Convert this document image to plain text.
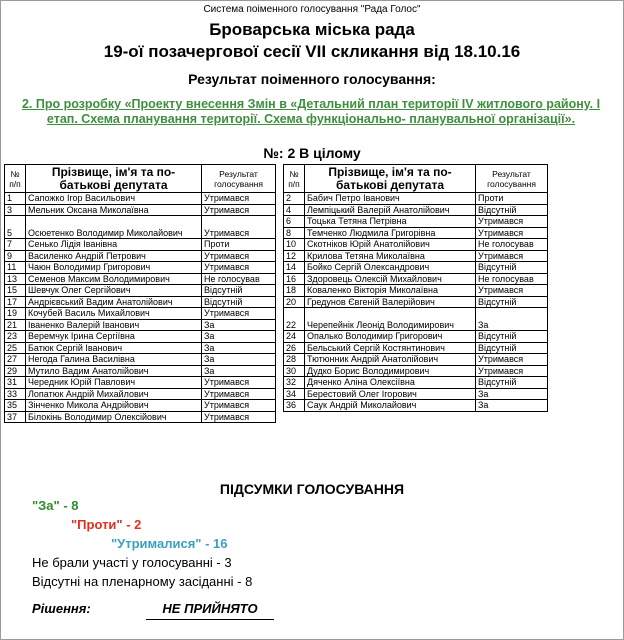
Система поіменного голосування "Рада Голос"
Броварська міська рада
19-ої позачергової сесії VII скликання від 18.10.16
Результат поіменного голосування:
2. Про розробку «Проекту внесення Змін в «Детальний план території IV житлового району. І етап. Схема планування території. Схема функціонально- планувальної організації».
№: 2 В цілому
№ п/п	Прізвище, ім'я та по-батькові депутата	Результат голосування
1	Сапожко Ігор Васильович	Утримався
3	Мельник Оксана Миколаївна	Утримався
5	Осюетенко Володимир Миколайович	Утримався
7	Сенько Лідія Іванівна	Проти
9	Василенко Андрій Петрович	Утримався
11	Чаюн Володимир Григорович	Утримався
13	Семенов Максим Володимирович	Не голосував
15	Шевчук Олег Сергійович	Відсутній
17	Андрієвський Вадим Анатолійович	Відсутній
19	Кочубей Василь Михайлович	Утримався
21	Іваненко Валерій Іванович	За
23	Веремчук Ірина Сергіївна	За
25	Батюк Сергій Іванович	За
27	Негода Галина Василівна	За
29	Мутило Вадим Анатолійович	За
31	Чередник Юрій Павлович	Утримався
33	Лопатюк Андрій Михайлович	Утримався
35	Зінченко Микола Андрійович	Утримався
37	Білокінь Володимир Олексійович	Утримався
№ п/п	Прізвище, ім'я та по-батькові депутата	Результат голосування
2	Бабич Петро Іванович	Проти
4	Лемпіцький Валерій Анатолійович	Відсутній
6	Тоцька Тетяна Петрівна	Утримався
8	Темченко Людмила Григорівна	Утримався
10	Скотніков Юрій Анатолійович	Не голосував
12	Крилова Тетяна Миколаївна	Утримався
14	Бойко Сергій Олександрович	Відсутній
16	Здоровець Олексій Михайлович	Не голосував
18	Коваленко Вікторія Миколаївна	Утримався
20	Гредунов Євгеній Валерійович	Відсутній
22	Черепейнік Леонід Володимирович	За
24	Опалько Володимир Григорович	Відсутній
26	Бельський Сергій Костянтинович	Відсутній
28	Тютюнник Андрій Анатолійович	Утримався
30	Дудко Борис Володимирович	Утримався
32	Дяченко Аліна Олексіївна	Відсутній
34	Берестовий Олег Ігорович	За
36	Саук Андрій Миколайович	За
ПІДСУМКИ ГОЛОСУВАННЯ
"За" - 8
"Проти" - 2
"Утрималися" - 16
Не брали участі у голосуванні - 3
Відсутні на пленарному засіданні - 8
Рішення:	НЕ ПРИЙНЯТО
